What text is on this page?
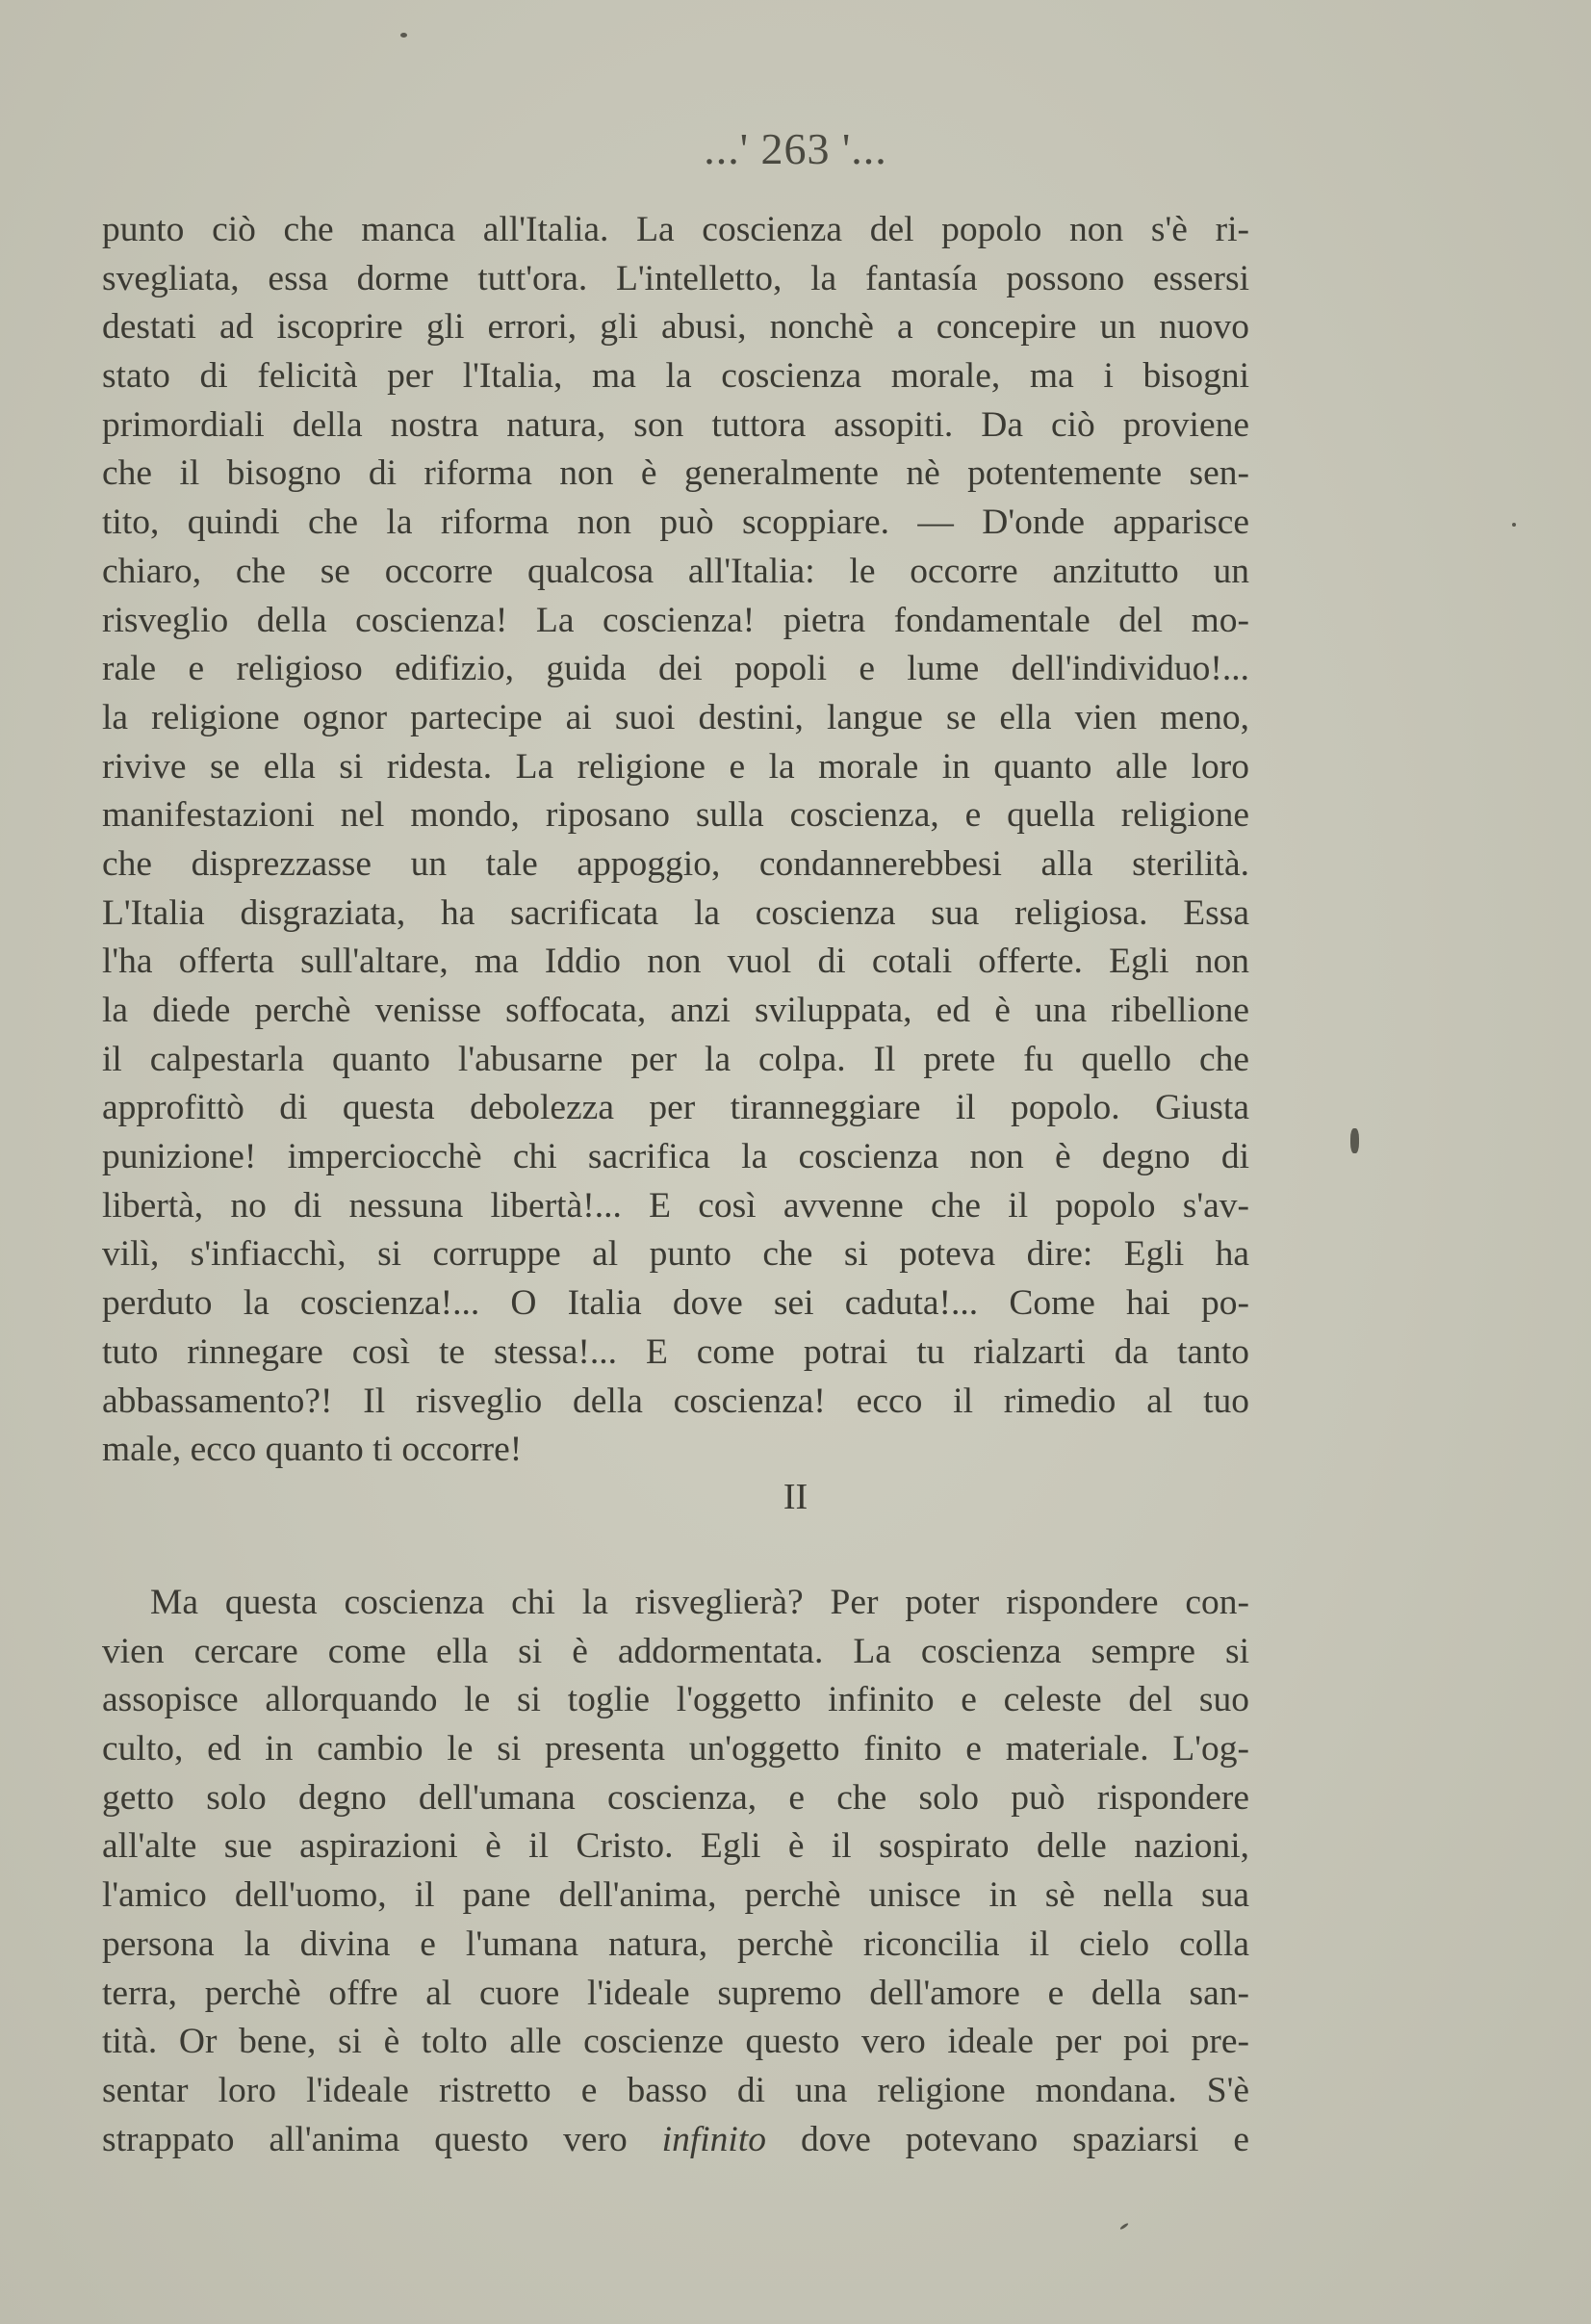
...' 263 '...
punto ciò che manca all'Italia. La coscienza del popolo non s'è ri-
svegliata, essa dorme tutt'ora. L'intelletto, la fantasía possono essersi
destati ad iscoprire gli errori, gli abusi, nonchè a concepire un nuovo
stato di felicità per l'Italia, ma la coscienza morale, ma i bisogni
primordiali della nostra natura, son tuttora assopiti. Da ciò proviene
che il bisogno di riforma non è generalmente nè potentemente sen-
tito, quindi che la riforma non può scoppiare. — D'onde apparisce
chiaro, che se occorre qualcosa all'Italia: le occorre anzitutto un
risveglio della coscienza! La coscienza! pietra fondamentale del mo-
rale e religioso edifizio, guida dei popoli e lume dell'individuo!...
la religione ognor partecipe ai suoi destini, langue se ella vien meno,
rivive se ella si ridesta. La religione e la morale in quanto alle loro
manifestazioni nel mondo, riposano sulla coscienza, e quella religione
che disprezzasse un tale appoggio, condannerebbesi alla sterilità.
L'Italia disgraziata, ha sacrificata la coscienza sua religiosa. Essa
l'ha offerta sull'altare, ma Iddio non vuol di cotali offerte. Egli non
la diede perchè venisse soffocata, anzi sviluppata, ed è una ribellione
il calpestarla quanto l'abusarne per la colpa. Il prete fu quello che
approfittò di questa debolezza per tiranneggiare il popolo. Giusta
punizione! imperciocchè chi sacrifica la coscienza non è degno di
libertà, no di nessuna libertà!... E così avvenne che il popolo s'av-
vilì, s'infiacchì, si corruppe al punto che si poteva dire: Egli ha
perduto la coscienza!... O Italia dove sei caduta!... Come hai po-
tuto rinnegare così te stessa!... E come potrai tu rialzarti da tanto
abbassamento?! Il risveglio della coscienza! ecco il rimedio al tuo
male, ecco quanto ti occorre!
II
Ma questa coscienza chi la risveglierà? Per poter rispondere con-
vien cercare come ella si è addormentata. La coscienza sempre si
assopisce allorquando le si toglie l'oggetto infinito e celeste del suo
culto, ed in cambio le si presenta un'oggetto finito e materiale. L'og-
getto solo degno dell'umana coscienza, e che solo può rispondere
all'alte sue aspirazioni è il Cristo. Egli è il sospirato delle nazioni,
l'amico dell'uomo, il pane dell'anima, perchè unisce in sè nella sua
persona la divina e l'umana natura, perchè riconcilia il cielo colla
terra, perchè offre al cuore l'ideale supremo dell'amore e della san-
tità. Or bene, si è tolto alle coscienze questo vero ideale per poi pre-
sentar loro l'ideale ristretto e basso di una religione mondana. S'è
strappato all'anima questo vero infinito dove potevano spaziarsi e
